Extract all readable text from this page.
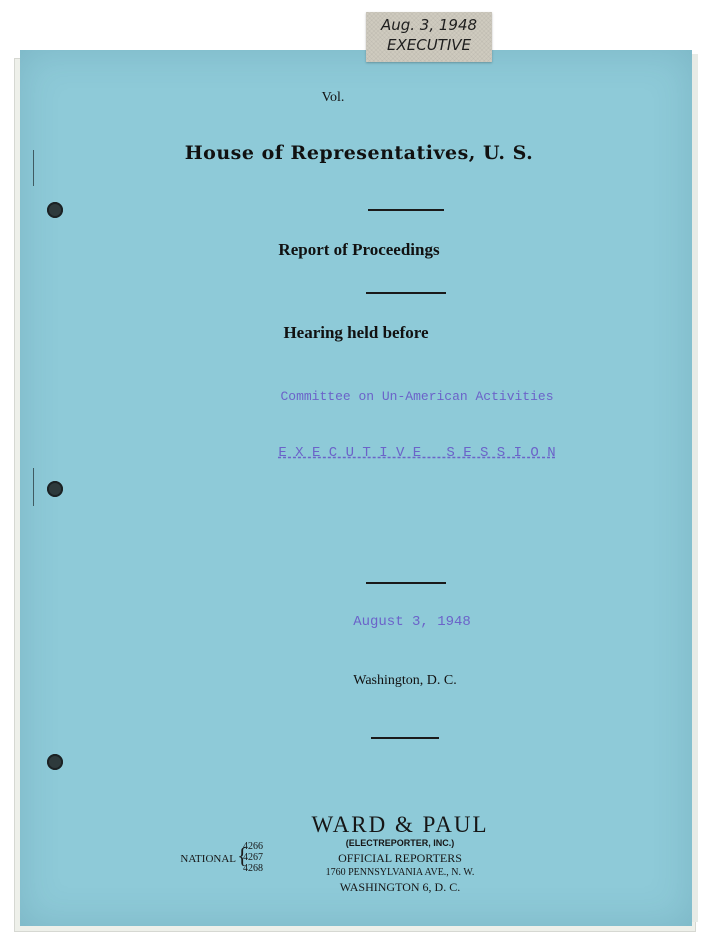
Aug. 3, 1948
EXECUTIVE
Vol.
House of Representatives, U. S.
Report of Proceedings
Hearing held before
Committee on Un-American Activities
E X E C U T I V E   S E S S I O N
August 3, 1948
Washington, D. C.
WARD & PAUL
(ELECTREPORTER, INC.)
OFFICIAL REPORTERS
1760 PENNSYLVANIA AVE., N. W.
WASHINGTON 6, D. C.
NATIONAL {
4266
4267
4268
